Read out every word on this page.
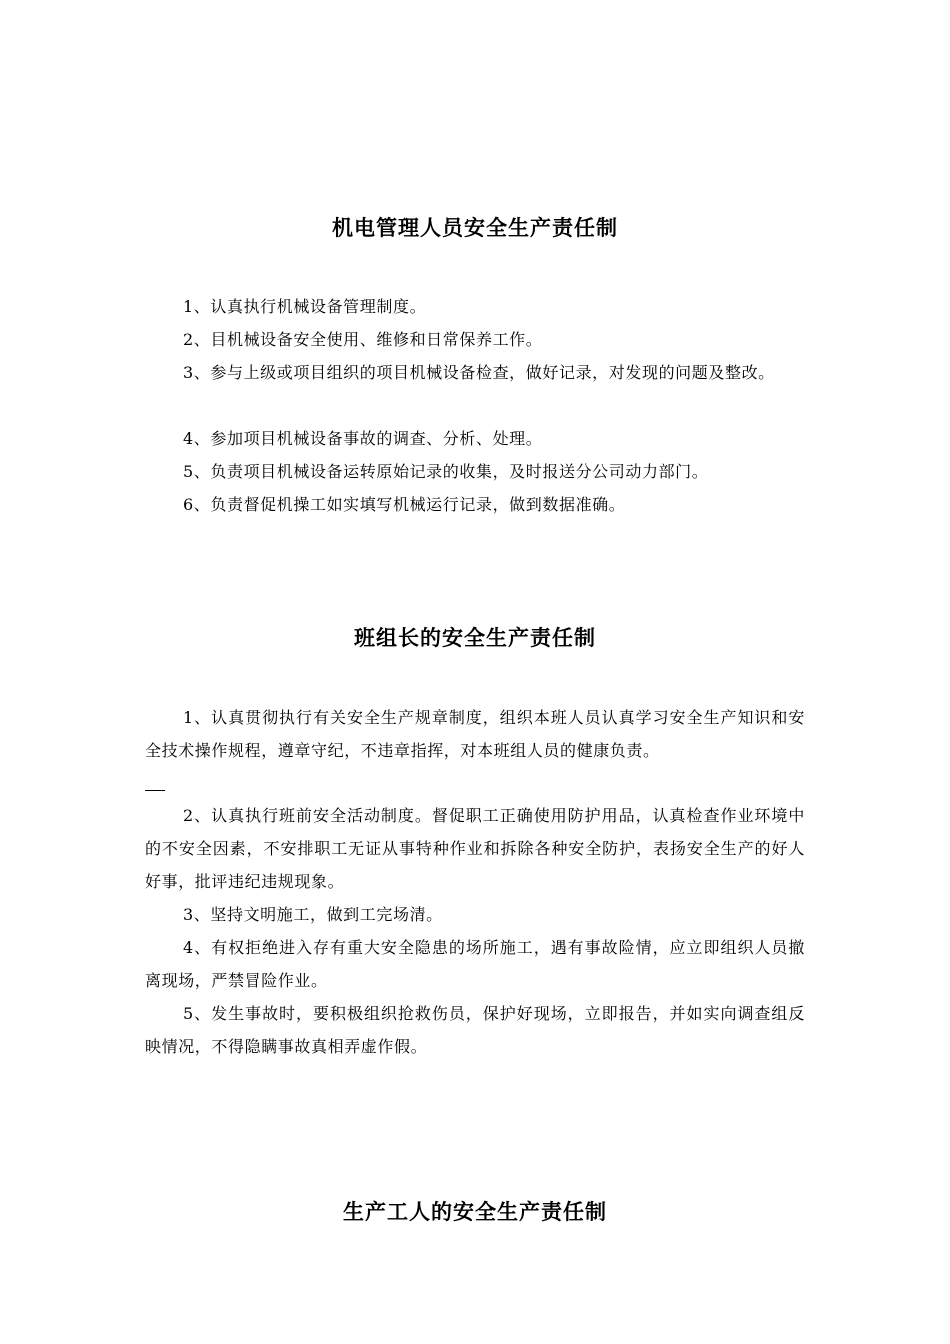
机电管理人员安全生产责任制

1、认真执行机械设备管理制度。

2、目机械设备安全使用、维修和日常保养工作。

3、参与上级或项目组织的项目机械设备检查，做好记录，对发现的问题及整改。

4、参加项目机械设备事故的调查、分析、处理。

5、负责项目机械设备运转原始记录的收集，及时报送分公司动力部门。

6、负责督促机操工如实填写机械运行记录，做到数据准确。

班组长的安全生产责任制

1、认真贯彻执行有关安全生产规章制度，组织本班人员认真学习安全生产知识和安全技术操作规程，遵章守纪，不违章指挥，对本班组人员的健康负责。

2、认真执行班前安全活动制度。督促职工正确使用防护用品，认真检查作业环境中的不安全因素，不安排职工无证从事特种作业和拆除各种安全防护，表扬安全生产的好人好事，批评违纪违规现象。

3、坚持文明施工，做到工完场清。

4、有权拒绝进入存有重大安全隐患的场所施工，遇有事故险情，应立即组织人员撤离现场，严禁冒险作业。

5、发生事故时，要积极组织抢救伤员，保护好现场，立即报告，并如实向调查组反映情况，不得隐瞒事故真相弄虚作假。

生产工人的安全生产责任制
